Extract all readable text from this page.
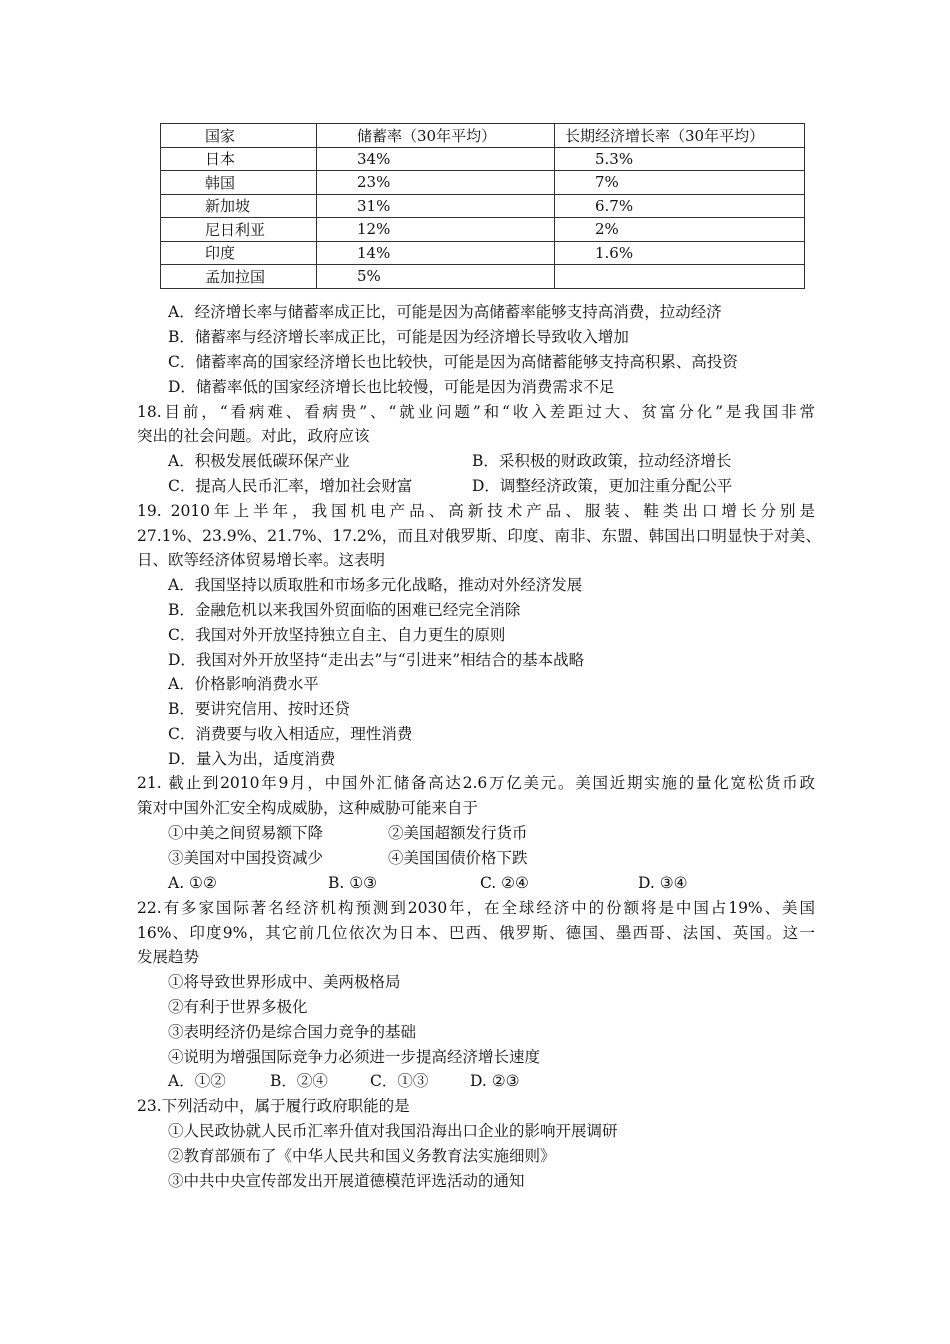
国家	储蓄率（30年平均）	长期经济增长率（30年平均）
日本	34%	5.3%
韩国	23%	7%
新加坡	31%	6.7%
尼日利亚	12%	2%
印度	14%	1.6%
孟加拉国	5%	
A．经济增长率与储蓄率成正比，可能是因为高储蓄率能够支持高消费，拉动经济
B．储蓄率与经济增长率成正比，可能是因为经济增长导致收入增加
C．储蓄率高的国家经济增长也比较快，可能是因为高储蓄能够支持高积累、高投资
D．储蓄率低的国家经济增长也比较慢，可能是因为消费需求不足
18.目前，“看病难、看病贵”、“就业问题”和“收入差距过大、贫富分化”是我国非常
突出的社会问题。对此，政府应该
A．积极发展低碳环保产业	B．采积极的财政政策，拉动经济增长
C．提高人民币汇率，增加社会财富	D．调整经济政策，更加注重分配公平
19. 2010年上半年，我国机电产品、高新技术产品、服装、鞋类出口增长分别是
27.1%、23.9%、21.7%、17.2%，而且对俄罗斯、印度、南非、东盟、韩国出口明显快于对美、
日、欧等经济体贸易增长率。这表明
A．我国坚持以质取胜和市场多元化战略，推动对外经济发展
B．金融危机以来我国外贸面临的困难已经完全消除
C．我国对外开放坚持独立自主、自力更生的原则
D．我国对外开放坚持“走出去”与“引进来”相结合的基本战略
A．价格影响消费水平
B．要讲究信用、按时还贷
C．消费要与收入相适应，理性消费
D．量入为出，适度消费
21. 截止到2010年9月，中国外汇储备高达2.6万亿美元。美国近期实施的量化宽松货币政
策对中国外汇安全构成威胁，这种威胁可能来自于
①中美之间贸易额下降	②美国超额发行货币
③美国对中国投资减少	④美国国债价格下跌
A. ①②	B. ①③	C. ②④	D. ③④
22.有多家国际著名经济机构预测到2030年，在全球经济中的份额将是中国占19%、美国
16%、印度9%，其它前几位依次为日本、巴西、俄罗斯、德国、墨西哥、法国、英国。这一
发展趋势
①将导致世界形成中、美两极格局
②有利于世界多极化
③表明经济仍是综合国力竞争的基础
④说明为增强国际竞争力必须进一步提高经济增长速度
A．①②	B．②④	C．①③	D. ②③
23.下列活动中，属于履行政府职能的是
①人民政协就人民币汇率升值对我国沿海出口企业的影响开展调研
②教育部颁布了《中华人民共和国义务教育法实施细则》
③中共中央宣传部发出开展道德模范评选活动的通知
